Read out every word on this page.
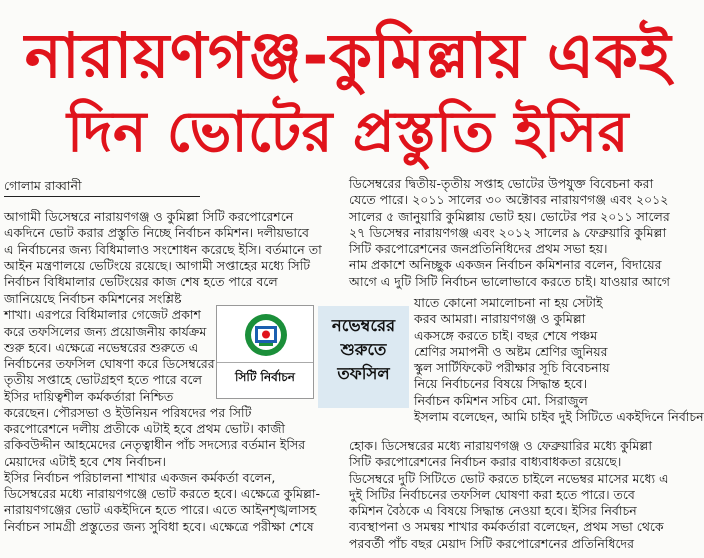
নারায়ণগঞ্জ-কুমিল্লায় একই
দিন ভোটের প্রস্তুতি ইসির
গোলাম রাব্বানী

আগামী ডিসেম্বরে নারায়ণগঞ্জ ও কুমিল্লা সিটি করপোরেশনে

একদিনে ভোট করার প্রস্তুতি নিচ্ছে নির্বাচন কমিশন। দলীয়ভাবে

এ নির্বাচনের জন্য বিধিমালাও সংশোধন করেছে ইসি। বর্তমানে তা

আইন মন্ত্রণালয়ে ভেটিংয়ে রয়েছে। আগামী সপ্তাহের মধ্যে সিটি

নির্বাচন বিধিমালার ভেটিংয়ের কাজ শেষ হতে পারে বলে

জানিয়েছে নির্বাচন কমিশনের সংশ্লিষ্ট

শাখা। এরপরে বিধিমালার গেজেট প্রকাশ

করে তফসিলের জন্য প্রয়োজনীয় কার্যক্রম

শুরু হবে। এক্ষেত্রে নভেম্বরের শুরুতে এ

নির্বাচনের তফসিল ঘোষণা করে ডিসেম্বরের

তৃতীয় সপ্তাহে ভোটগ্রহণ হতে পারে বলে

ইসির দায়িত্বশীল কর্মকর্তারা নিশ্চিত

করেছেন। পৌরসভা ও ইউনিয়ন পরিষদের পর সিটি

করপোরেশনে দলীয় প্রতীকে এটাই হবে প্রথম ভোট। কাজী

রকিবউদ্দীন আহমেদের নেতৃত্বাধীন পাঁচ সদস্যের বর্তমান ইসির

মেয়াদের এটাই হবে শেষ নির্বাচন।

ইসির নির্বাচন পরিচালনা শাখার একজন কর্মকর্তা বলেন,

ডিসেম্বরের মধ্যে নারায়ণগঞ্জে ভোট করতে হবে। এক্ষেত্রে কুমিল্লা-

নারায়ণগঞ্জের ভোট একইদিনে হতে পারে। এতে আইনশৃঙ্খলাসহ

নির্বাচন সামগ্রী প্রস্তুতের জন্য সুবিধা হবে। এক্ষেত্রে পরীক্ষা শেষে

সিটি নির্বাচন
নভেম্বরের
শুরুতে
তফসিল

ডিসেম্বরের দ্বিতীয়-তৃতীয় সপ্তাহ ভোটের উপযুক্ত বিবেচনা করা

যেতে পারে। ২০১১ সালের ৩০ অক্টোবর নারায়ণগঞ্জ এবং ২০১২

সালের ৫ জানুয়ারি কুমিল্লায় ভোট হয়। ভোটের পর ২০১১ সালের

২৭ ডিসেম্বর নারায়ণগঞ্জ এবং ২০১২ সালের ৯ ফেব্রুয়ারি কুমিল্লা

সিটি করপোরেশনের জনপ্রতিনিধিদের প্রথম সভা হয়।

নাম প্রকাশে অনিচ্ছুক একজন নির্বাচন কমিশনার বলেন, বিদায়ের

আগে এ দুটি সিটি নির্বাচন ভালোভাবে করতে চাই। যাওয়ার আগে

যাতে কোনো সমালোচনা না হয় সেটাই

করব আমরা। নারায়ণগঞ্জ ও কুমিল্লা

একসঙ্গে করতে চাই। বছর শেষে পঞ্চম

শ্রেণির সমাপনী ও অষ্টম শ্রেণির জুনিয়র

স্কুল সার্টিফিকেট পরীক্ষার সূচি বিবেচনায়

নিয়ে নির্বাচনের বিষয়ে সিদ্ধান্ত হবে।

নির্বাচন কমিশন সচিব মো. সিরাজুল

ইসলাম বলেছেন, আমি চাইব দুই সিটিতে একইদিনে নির্বাচন

হোক। ডিসেম্বরের মধ্যে নারায়ণগঞ্জ ও ফেব্রুয়ারির মধ্যে কুমিল্লা

সিটি করপোরেশনের নির্বাচন করার বাধ্যবাধকতা রয়েছে।

ডিসেম্বরে দুটি সিটিতে ভোট করতে চাইলে নভেম্বর মাসের মধ্যে এ

দুই সিটির নির্বাচনের তফসিল ঘোষণা করা হতে পারে। তবে

কমিশন বৈঠকে এ বিষয়ে সিদ্ধান্ত নেওয়া হবে। ইসির নির্বাচন

ব্যবস্থাপনা ও সমন্বয় শাখার কর্মকর্তারা বলেছেন, প্রথম সভা থেকে

পরবর্তী পাঁচ বছর মেয়াদ সিটি করপোরেশনের প্রতিনিধিদের
